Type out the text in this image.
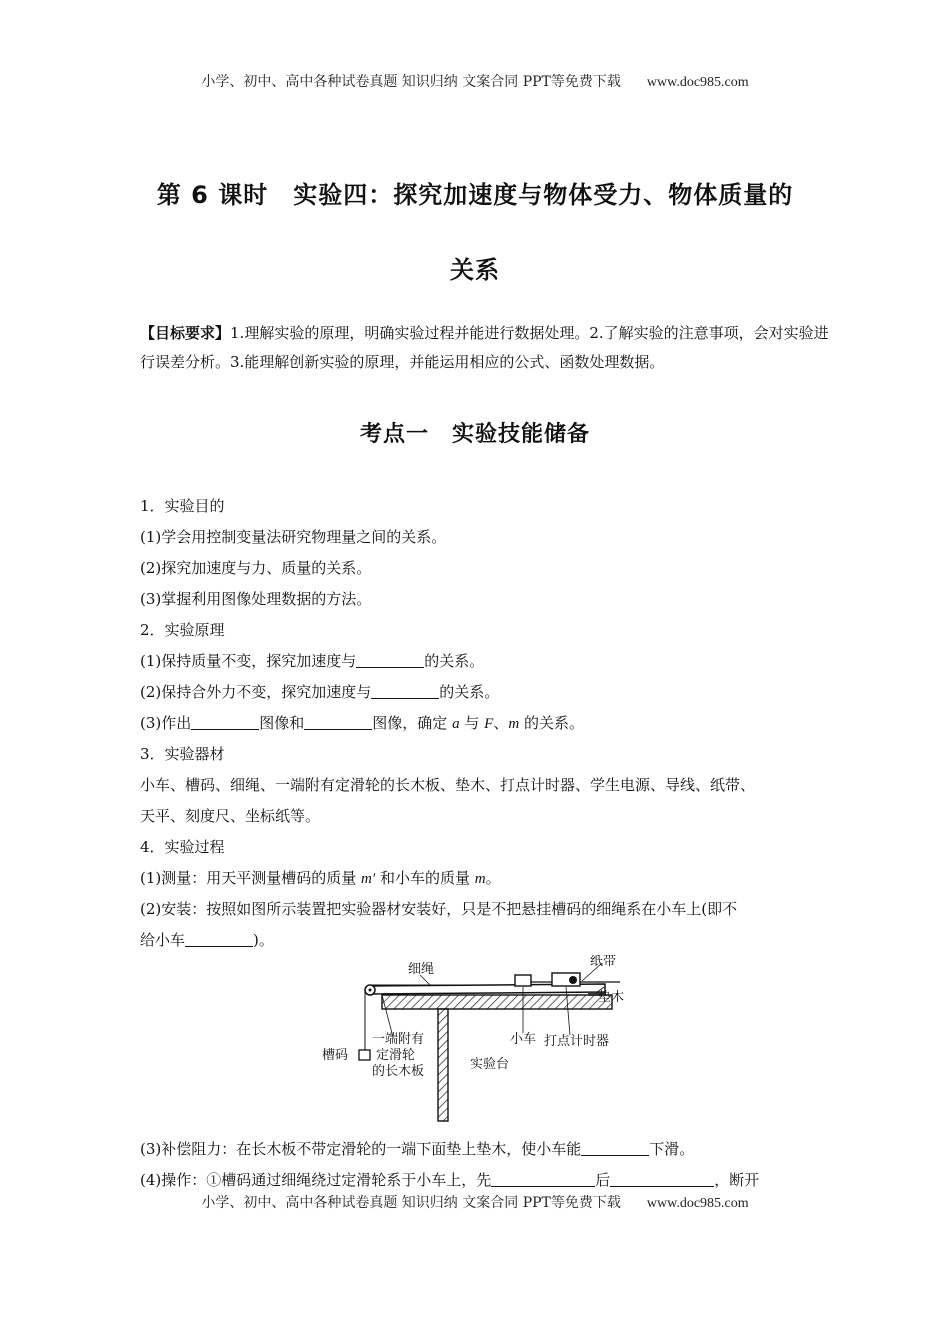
小学、初中、高中各种试卷真题 知识归纳 文案合同 PPT等免费下载 www.doc985.com
第 6 课时　实验四：探究加速度与物体受力、物体质量的
关系
【目标要求】1.理解实验的原理，明确实验过程并能进行数据处理。2.了解实验的注意事项，会对实验进行误差分析。3.能理解创新实验的原理，并能运用相应的公式、函数处理数据。
考点一　实验技能储备
1．实验目的
(1)学会用控制变量法研究物理量之间的关系。
(2)探究加速度与力、质量的关系。
(3)掌握利用图像处理数据的方法。
2．实验原理
(1)保持质量不变，探究加速度与	的关系。
(2)保持合外力不变，探究加速度与	的关系。
(3)作出	图像和	图像，确定 a 与 F、m 的关系。
3．实验器材
小车、槽码、细绳、一端附有定滑轮的长木板、垫木、打点计时器、学生电源、导线、纸带、
天平、刻度尺、坐标纸等。
4．实验过程
(1)测量：用天平测量槽码的质量 m′ 和小车的质量 m。
(2)安装：按照如图所示装置把实验器材安装好，只是不把悬挂槽码的细绳系在小车上(即不
给小车	)。
细绳
纸带
垫木
槽码
一端附有
定滑轮
的长木板
小车 打点计时器
实验台
(3)补偿阻力：在长木板不带定滑轮的一端下面垫上垫木，使小车能	下滑。
(4)操作：①槽码通过细绳绕过定滑轮系于小车上，先	后	，断开
小学、初中、高中各种试卷真题 知识归纳 文案合同 PPT等免费下载 www.doc985.com
